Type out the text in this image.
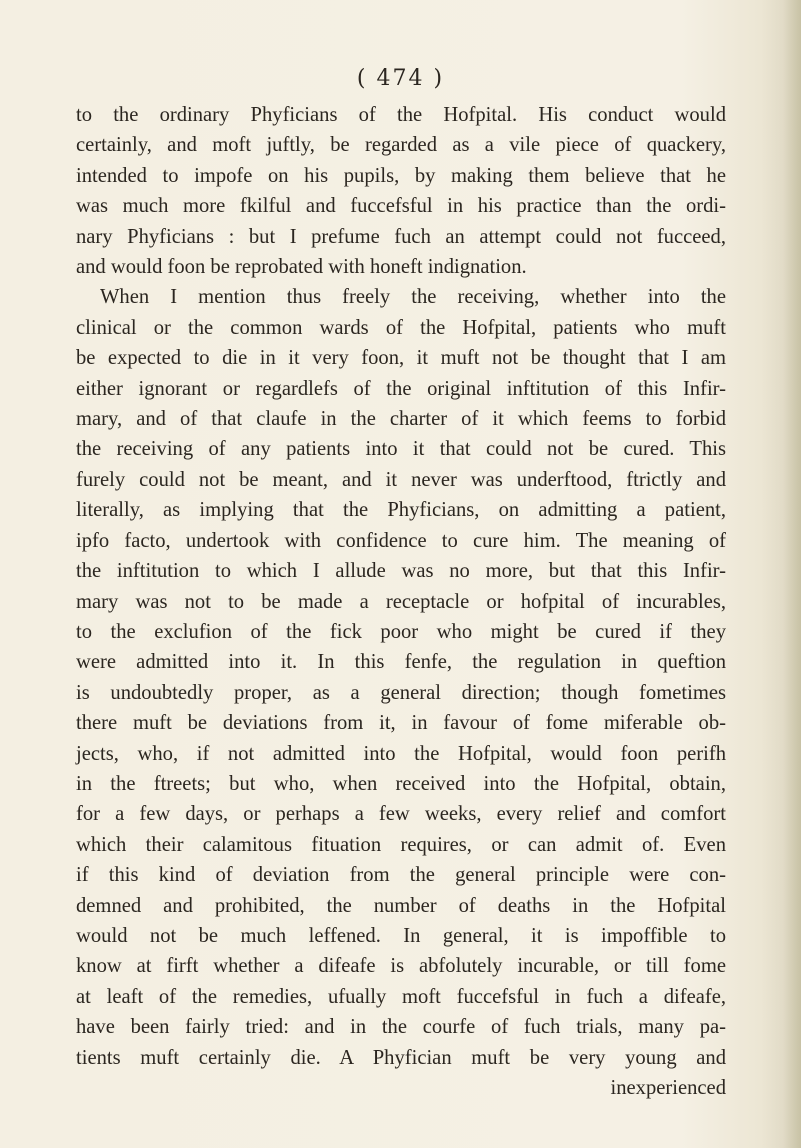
( 474 )
to the ordinary Phyficians of the Hofpital. His conduct would
certainly, and moft juftly, be regarded as a vile piece of quackery,
intended to impofe on his pupils, by making them believe that he
was much more fkilful and fuccefsful in his practice than the ordi-
nary Phyficians : but I prefume fuch an attempt could not fucceed,
and would foon be reprobated with honeft indignation.
When I mention thus freely the receiving, whether into the
clinical or the common wards of the Hofpital, patients who muft
be expected to die in it very foon, it muft not be thought that I am
either ignorant or regardlefs of the original inftitution of this Infir-
mary, and of that claufe in the charter of it which feems to forbid
the receiving of any patients into it that could not be cured. This
furely could not be meant, and it never was underftood, ftrictly and
literally, as implying that the Phyficians, on admitting a patient,
ipfo facto, undertook with confidence to cure him. The meaning of
the inftitution to which I allude was no more, but that this Infir-
mary was not to be made a receptacle or hofpital of incurables,
to the exclufion of the fick poor who might be cured if they
were admitted into it. In this fenfe, the regulation in queftion
is undoubtedly proper, as a general direction; though fometimes
there muft be deviations from it, in favour of fome miferable ob-
jects, who, if not admitted into the Hofpital, would foon perifh
in the ftreets; but who, when received into the Hofpital, obtain,
for a few days, or perhaps a few weeks, every relief and comfort
which their calamitous fituation requires, or can admit of. Even
if this kind of deviation from the general principle were con-
demned and prohibited, the number of deaths in the Hofpital
would not be much leffened. In general, it is impoffible to
know at firft whether a difeafe is abfolutely incurable, or till fome
at leaft of the remedies, ufually moft fuccefsful in fuch a difeafe,
have been fairly tried: and in the courfe of fuch trials, many pa-
tients muft certainly die. A Phyfician muft be very young and
inexperienced
